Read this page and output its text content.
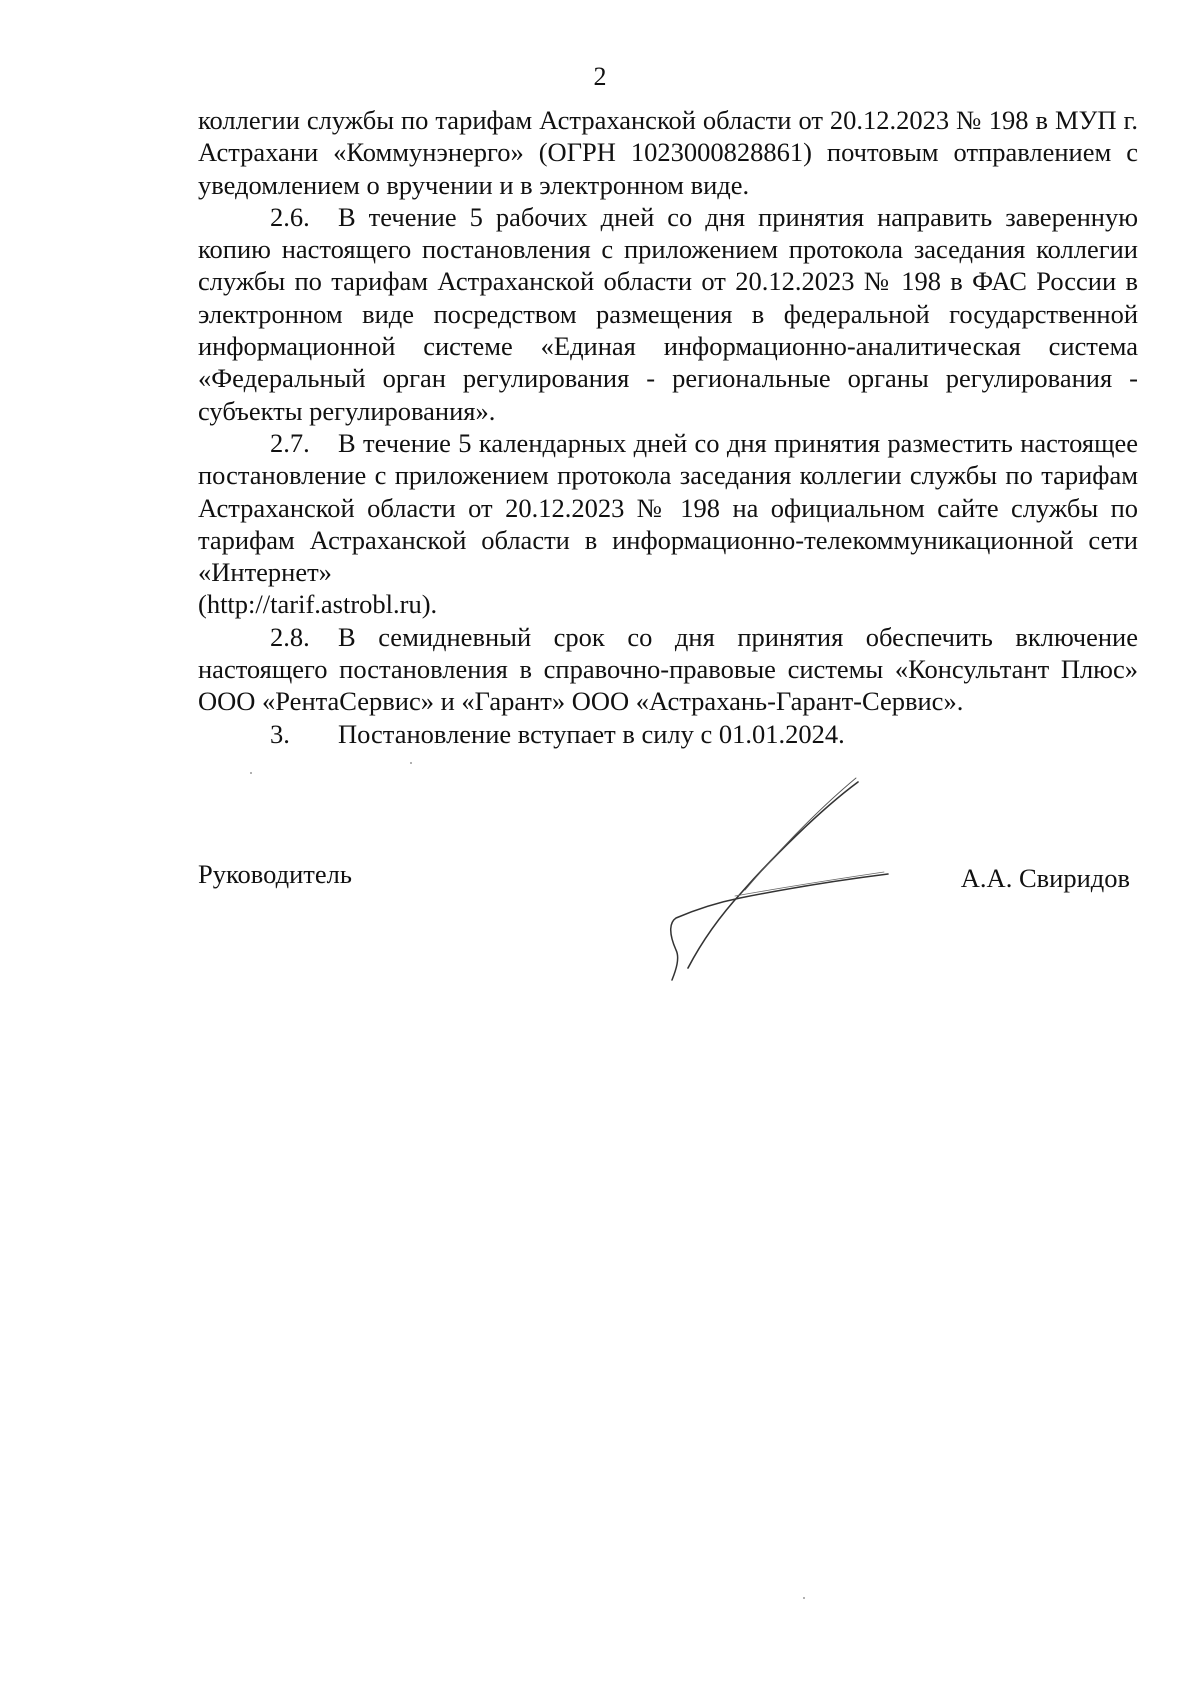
2

коллегии службы по тарифам Астраханской области от 20.12.2023 № 198 в МУП г. Астрахани «Коммунэнерго» (ОГРН 1023000828861) почтовым отправлением с уведомлением о вручении и в электронном виде.

2.6. В течение 5 рабочих дней со дня принятия направить заверенную копию настоящего постановления с приложением протокола заседания коллегии службы по тарифам Астраханской области от 20.12.2023 № 198 в ФАС России в электронном виде посредством размещения в федеральной государственной информационной системе «Единая информационно-аналитическая система «Федеральный орган регулирования - региональные органы регулирования - субъекты регулирования».

2.7. В течение 5 календарных дней со дня принятия разместить настоящее постановление с приложением протокола заседания коллегии службы по тарифам Астраханской области от 20.12.2023 № 198 на официальном сайте службы по тарифам Астраханской области в информационно-телекоммуникационной сети «Интернет»

(http://tarif.astrobl.ru).

2.8. В семидневный срок со дня принятия обеспечить включение настоящего постановления в справочно-правовые системы «Консультант Плюс» ООО «РентаСервис» и «Гарант» ООО «Астрахань-Гарант-Сервис».

3. Постановление вступает в силу с 01.01.2024.

Руководитель	А.А. Свиридов
